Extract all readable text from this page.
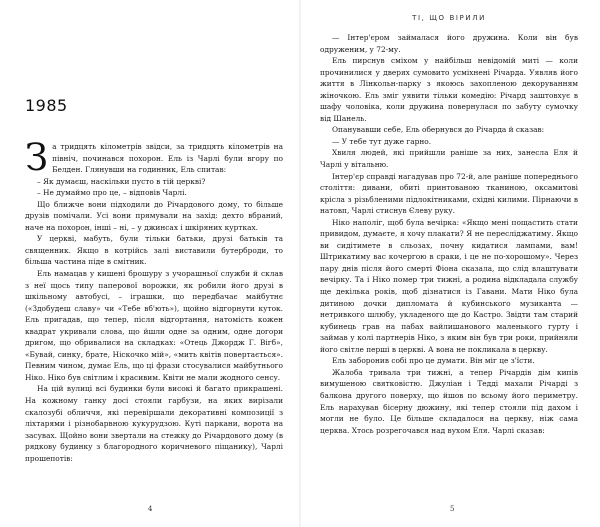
1985

За тридцять кілометрів звідси, за тридцять кілометрів на північ, починався похорон. Ель із Чарлі були вгору по Белден. Глянувши на годинник, Ель спитав:

– Як думаєш, наскільки пусто в тій церкві?

– Не думаймо про це, – відповів Чарлі.

Що ближче вони підходили до Річардового дому, то більше друзів помічали. Усі вони прямували на захід: дехто вбраний, наче на похорон, інші – ні, – у джинсах і шкіряних куртках.

У церкві, мабуть, були тільки батьки, друзі батьків та священник. Якщо в котрійсь залі виставили бутерброди, то більша частина піде в смітник.

Ель намацав у кишені брошуру з учорашньої служби й склав з неї щось типу паперової ворожки, як робили його друзі в шкільному автобусі, – іграшки, що передбачає майбутнє («Здобудеш славу» чи «Тебе вб'ють»), щойно відгорнути куток. Ель пригадав, що тепер, після відгортання, натомість кожен квадрат укривали слова, що йшли одне за одним, одне догори дригом, що обривалися на складках: «Отець Джордж Г. Вігб», «Бувай, синку, брате, Ніскочко мій», «мить квітів повертається». Певним чином, думає Ель, що ці фрази стосувалися майбутнього Ніко. Ніко був світлим і красивим. Квіти не мали жодного сенсу.

На цій вулиці всі будинки були високі й багато прикрашені. На кожному ганку досі стояли гарбузи, на яких вирізали скалозубі обличчя, які перевіршали декоративні композиції з ліхтарями і різнобарвною кукурудзою. Куті паркани, ворота на засувах. Щойно вони звертали на стежку до Річардового дому (в рядкову будинку з благородного коричневого піщанику), Чарлі прошепотів:

4
ТІ, ЩО ВІРИЛИ

— Інтер'єром займалася його дружина. Коли він був одруженим, у 72-му.

Ель пирснув сміхом у найбільш невідомій миті — коли прочинилися у дверях сумовито усміхнені Річарда. Уявляв його життя в Лінкольн-парку з якоюсь захопленою декоруванням жіночкою. Ель зміг уявити тільки комедію: Річард заштовхує в шафу чоловіка, коли дружина повернулася по забуту сумочку від Шанель.

Опанувавши себе, Ель обернувся до Річарда й сказав:

— У тебе тут дуже гарно.

Хвиля людей, які прийшли раніше за них, занесла Еля й Чарлі у вітальню.

Інтер'єр справді нагадував про 72-й, але раніше попереднього століття: дивани, обитi принтованою тканиною, оксамитові крісла з різьбленими підлокітниками, східні килими. Пірнаючи в натовп, Чарлі стиснув Єлеву руку.

Ніко наполіг, щоб була вечірка: «Якщо мені пощастить стати привидом, думаєте, я хочу плакати? Я не пересліджатиму. Якщо ви сидітимете в сльозах, почну кидатися лампами, вам! Штрикатиму вас кочергою в сраки, і це не по-хорошому». Через пару днів після його смерті Фіона сказала, що слід влаштувати вечірку. Та і Ніко помер три тижні, а родина відкладала службу ще декілька років, щоб дізнатися із Гавани. Мати Ніко була дитиною дочки дипломата й кубинського музиканта — нетривкого шлюбу, укладеного ще до Кастро. Звідти там старий кубинець грав на пабах вайлишанового маленького гурту і займав у колі партнерів Ніко, з яким він був три роки, прийняли його світле перші в церкві. А вона не покликала в церкву.

Ель заборонив собі про це думати. Він міг це з'їсти.

Жалоба тривала три тижні, а тепер Річардів дім кипів вимушеною святковістю. Джуліан і Тедді махали Річарді з балкона другого поверху, що йшов по всьому його периметру. Ель нарахував бісерну дюжину, які тепер стояли під дахом і могли не було. Це більше складалося на церкву, ніж сама церква. Хтось розрегочався над вухом Еля. Чарлі сказав:

5
